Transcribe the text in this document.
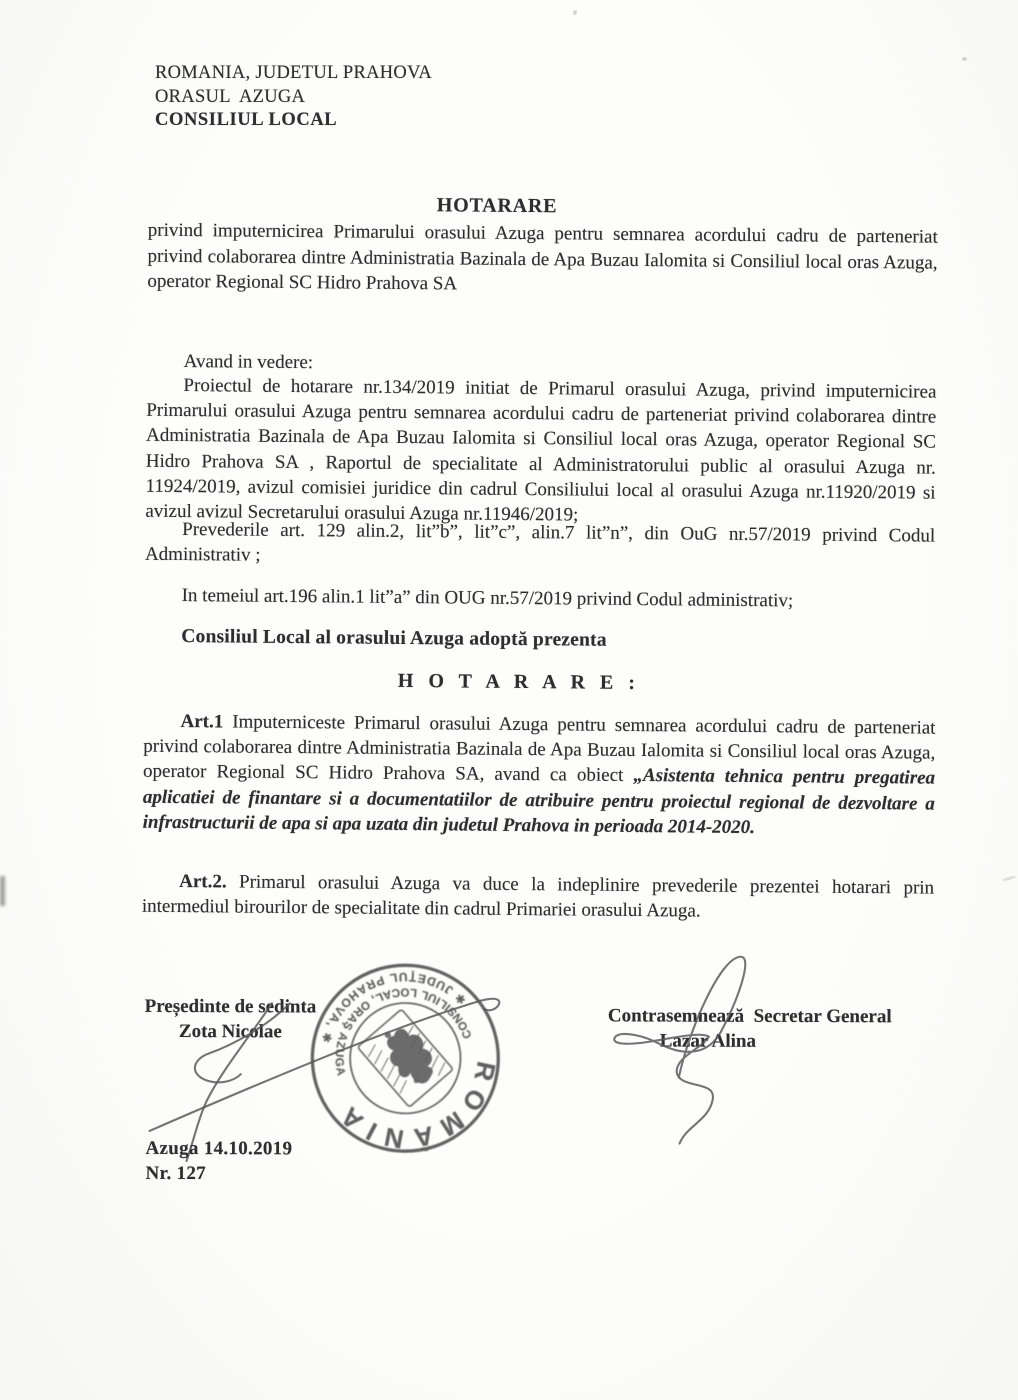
ROMANIA, JUDETUL PRAHOVA
ORASUL  AZUGA
CONSILIUL LOCAL
HOTARARE

privind imputernicirea Primarului orasului Azuga pentru semnarea acordului cadru de parteneriat privind colaborarea dintre Administratia Bazinala de Apa Buzau Ialomita si Consiliul local oras Azuga, operator Regional SC Hidro Prahova SA

Avand in vedere:

Proiectul de hotarare nr.134/2019 initiat de Primarul orasului Azuga, privind imputernicirea Primarului orasului Azuga pentru semnarea acordului cadru de parteneriat privind colaborarea dintre Administratia Bazinala de Apa Buzau Ialomita si Consiliul local oras Azuga, operator Regional SC Hidro Prahova SA , Raportul de specialitate al Administratorului public al orasului Azuga nr. 11924/2019, avizul comisiei juridice din cadrul Consiliului local al orasului Azuga nr.11920/2019 si avizul avizul Secretarului orasului Azuga nr.11946/2019;

Prevederile art. 129 alin.2, lit”b”, lit”c”, alin.7 lit”n”, din OuG nr.57/2019 privind Codul Administrativ ;

In temeiul art.196 alin.1 lit”a” din OUG nr.57/2019 privind Codul administrativ;

Consiliul Local al orasului Azuga adoptă prezenta

H O T A R A R E :

Art.1 Imputerniceste Primarul orasului Azuga pentru semnarea acordului cadru de parteneriat privind colaborarea dintre Administratia Bazinala de Apa Buzau Ialomita si Consiliul local oras Azuga, operator Regional SC Hidro Prahova SA, avand ca obiect „Asistenta tehnica pentru pregatirea aplicatiei de finantare si a documentatiilor de atribuire pentru proiectul regional de dezvoltare a infrastructurii de apa si apa uzata din judetul Prahova in perioada 2014-2020.

Art.2. Primarul orasului Azuga va duce la indeplinire prevederile prezentei hotarari prin intermediul birourilor de specialitate din cadrul Primariei orasului Azuga.

Președinte de sedinta
Zota Nicolae
Contrasemnează  Secretar General
Lazar Alina
ROMÂNIA
✱ JUDEŢUL PRAHOVA, ✱	CONSILIUL LOCAL, ORAŞ AZUGA
Azuga 14.10.2019
Nr. 127
